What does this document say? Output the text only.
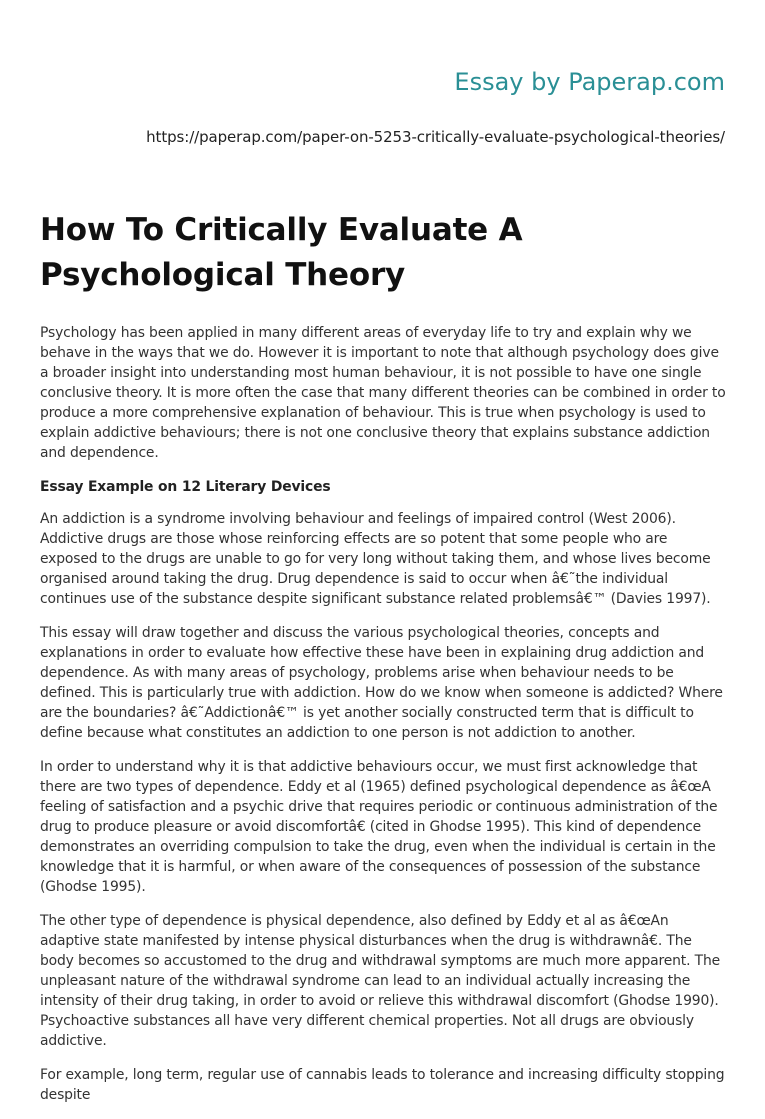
Essay by Paperap.com
https://paperap.com/paper-on-5253-critically-evaluate-psychological-theories/
How To Critically Evaluate A Psychological Theory

Psychology has been applied in many different areas of everyday life to try and explain why we behave in the ways that we do. However it is important to note that although psychology does give a broader insight into understanding most human behaviour, it is not possible to have one single conclusive theory. It is more often the case that many different theories can be combined in order to produce a more comprehensive explanation of behaviour. This is true when psychology is used to explain addictive behaviours; there is not one conclusive theory that explains substance addiction and dependence.

Essay Example on 12 Literary Devices

An addiction is a syndrome involving behaviour and feelings of impaired control (West 2006). Addictive drugs are those whose reinforcing effects are so potent that some people who are exposed to the drugs are unable to go for very long without taking them, and whose lives become organised around taking the drug. Drug dependence is said to occur when â€˜the individual continues use of the substance despite significant substance related problemsâ€™ (Davies 1997).

This essay will draw together and discuss the various psychological theories, concepts and explanations in order to evaluate how effective these have been in explaining drug addiction and dependence. As with many areas of psychology, problems arise when behaviour needs to be defined. This is particularly true with addiction. How do we know when someone is addicted? Where are the boundaries? â€˜Addictionâ€™ is yet another socially constructed term that is difficult to define because what constitutes an addiction to one person is not addiction to another.

In order to understand why it is that addictive behaviours occur, we must first acknowledge that there are two types of dependence. Eddy et al (1965) defined psychological dependence as â€œA feeling of satisfaction and a psychic drive that requires periodic or continuous administration of the drug to produce pleasure or avoid discomfortâ€ (cited in Ghodse 1995). This kind of dependence demonstrates an overriding compulsion to take the drug, even when the individual is certain in the knowledge that it is harmful, or when aware of the consequences of possession of the substance (Ghodse 1995).

The other type of dependence is physical dependence, also defined by Eddy et al as â€œAn adaptive state manifested by intense physical disturbances when the drug is withdrawnâ€. The body becomes so accustomed to the drug and withdrawal symptoms are much more apparent. The unpleasant nature of the withdrawal syndrome can lead to an individual actually increasing the intensity of their drug taking, in order to avoid or relieve this withdrawal discomfort (Ghodse 1990). Psychoactive substances all have very different chemical properties. Not all drugs are obviously addictive.

For example, long term, regular use of cannabis leads to tolerance and increasing difficulty stopping despite
